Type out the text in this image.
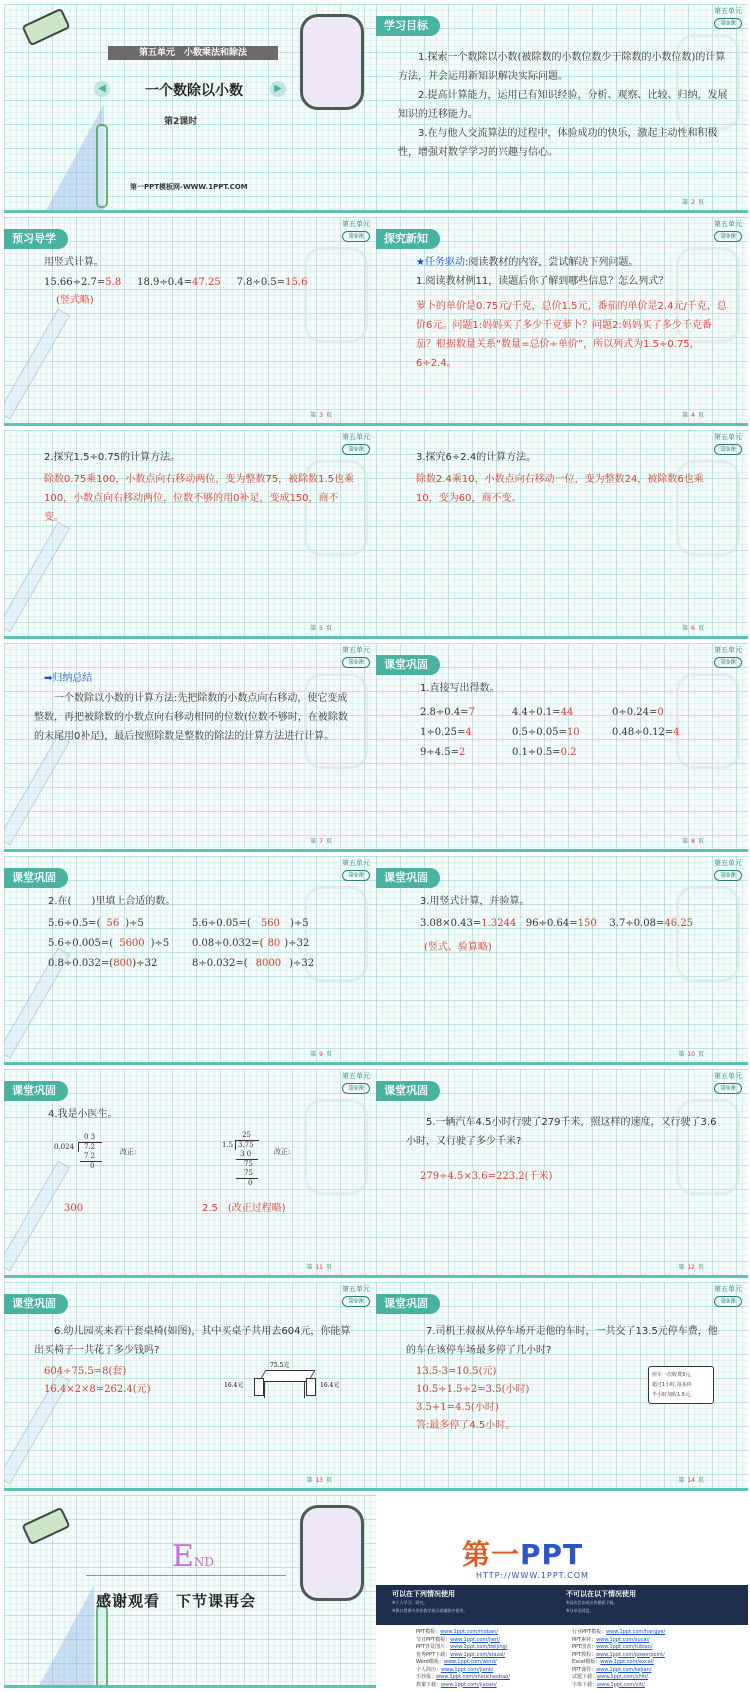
第五单元　小数乘法和除法
◀	一个数除以小数	▶
第2课时
第一PPT模板网-WWW.1PPT.COM
学习目标
第五单元
第9课

1.探索一个数除以小数(被除数的小数位数少于除数的小数位数)的计算方法，并会运用新知识解决实际问题。

2.提高计算能力，运用已有知识经验，分析、观察、比较、归纳，发展知识的迁移能力。

3.在与他人交流算法的过程中，体验成功的快乐，激起主动性和积极性，增强对数学学习的兴趣与信心。

第 2 页
预习导学
第五单元
第9课
用竖式计算。
15.66÷2.7=5.8 18.9÷0.4=47.25 7.8÷0.5=15.6
(竖式略)
第 3 页
探究新知
第五单元
第9课
★任务驱动:阅读教材的内容，尝试解决下列问题。
1.阅读教材例11，读题后你了解到哪些信息？怎么列式？
萝卜的单价是0.75元/千克，总价1.5元，番茄的单价是2.4元/千克，总价6元。问题1:妈妈买了多少千克萝卜？问题2:妈妈买了多少千克番茄？根据数量关系“数量=总价÷单价”，所以列式为1.5÷0.75，6÷2.4。
第 4 页
第五单元
第9课
2.探究1.5÷0.75的计算方法。
除数0.75乘100，小数点向右移动两位，变为整数75，被除数1.5也乘100，小数点向右移动两位，位数不够的用0补足，变成150，商不变。
第 5 页
第五单元
第9课
3.探究6÷2.4的计算方法。
除数2.4乘10，小数点向右移动一位，变为整数24，被除数6也乘10，变为60，商不变。
第 6 页
第五单元
第9课
➡归纳总结
一个数除以小数的计算方法:先把除数的小数点向右移动，使它变成整数，再把被除数的小数点向右移动相同的位数(位数不够时，在被除数的末尾用0补足)，最后按照除数是整数的除法的计算方法进行计算。
第 7 页
课堂巩固
第五单元
第9课
1.直接写出得数。
2.8÷0.4=7	4.4÷0.1=44	0÷0.24=0
1÷0.25=4	0.5÷0.05=10	0.48÷0.12=4
9÷4.5=2	0.1÷0.5=0.2
第 8 页
课堂巩固
第五单元
第9课
2.在(　　)里填上合适的数。
5.6÷0.5=( 56 )÷5	5.6÷0.05=( 560 )÷5
5.6÷0.005=( 5600 )÷5 0.08÷0.032=( 80 )÷32
0.8÷0.032=(800)÷32	8÷0.032=( 8000 )÷32
第 9 页
课堂巩固
第五单元
第9课
3.用竖式计算，并验算。
3.08×0.43=1.3244 96÷0.64=150 3.7÷0.08=46.25
(竖式、验算略)
第 10 页
课堂巩固
第五单元
第9课
4.我是小医生。
0 3
0.024 7.2
7 2
0
改正:
25
1.5 3.75
3 0
75
75
0
改正:
300	2.5　(改正过程略)
第 11 页
课堂巩固
第五单元
第9课
5.一辆汽车4.5小时行驶了279千米，照这样的速度，又行驶了3.6小时，又行驶了多少千米?
279÷4.5×3.6=223.2(千米)
第 12 页
课堂巩固
第五单元
第9课
6.幼儿园买来若干套桌椅(如图)，其中买桌子共用去604元，你能算出买椅子一共花了多少钱吗?
604÷75.5=8(套)
16.4×2×8=262.4(元)
75.5元
16.4元	16.4元
第 13 页
课堂巩固
第五单元
第9课
7.司机王叔叔从停车场开走他的车时，一共交了13.5元停车费，他的车在该停车场最多停了几小时?
13.5-3=10.5(元)
10.5÷1.5÷2=3.5(小时)
3.5+1=4.5(小时)
答:最多停了4.5小时。
停车一次收费3元，
超过1小时,每多停
半小时加收1.5元。
第 14 页
END
感谢观看　下节课再会
第一PPT
HTTP://WWW.1PPT.COM
可以在下列情况使用
※个人学习、研究。
※教口授课中用作教学演示或辅助中使用。
不可以在以下情况使用
※再次发布或出售模板下载。
※分享至网盘。
PPT模板：www.1ppt.com/moban/
节日PPT模板：www.1ppt.com/jieri/
PPT背景图片：www.1ppt.com/beijing/
优秀PPT下载：www.1ppt.com/xiazai/
Word模板：www.1ppt.com/word/
个人简历：www.1ppt.com/jianli/
手抄报：www.1ppt.com/shouchaobao/
教案下载：www.1ppt.com/jiaoan/
行业PPT模板：www.1ppt.com/hangye/
PPT素材：www.1ppt.com/sucai/
PPT图表：www.1ppt.com/tubiao/
PPT教程：www.1ppt.com/powerpoint/
Excel模板：www.1ppt.com/excel/
PPT课件：www.1ppt.com/kejian/
试题下载：www.1ppt.com/shiti/
字体下载：www.1ppt.com/ziti/
